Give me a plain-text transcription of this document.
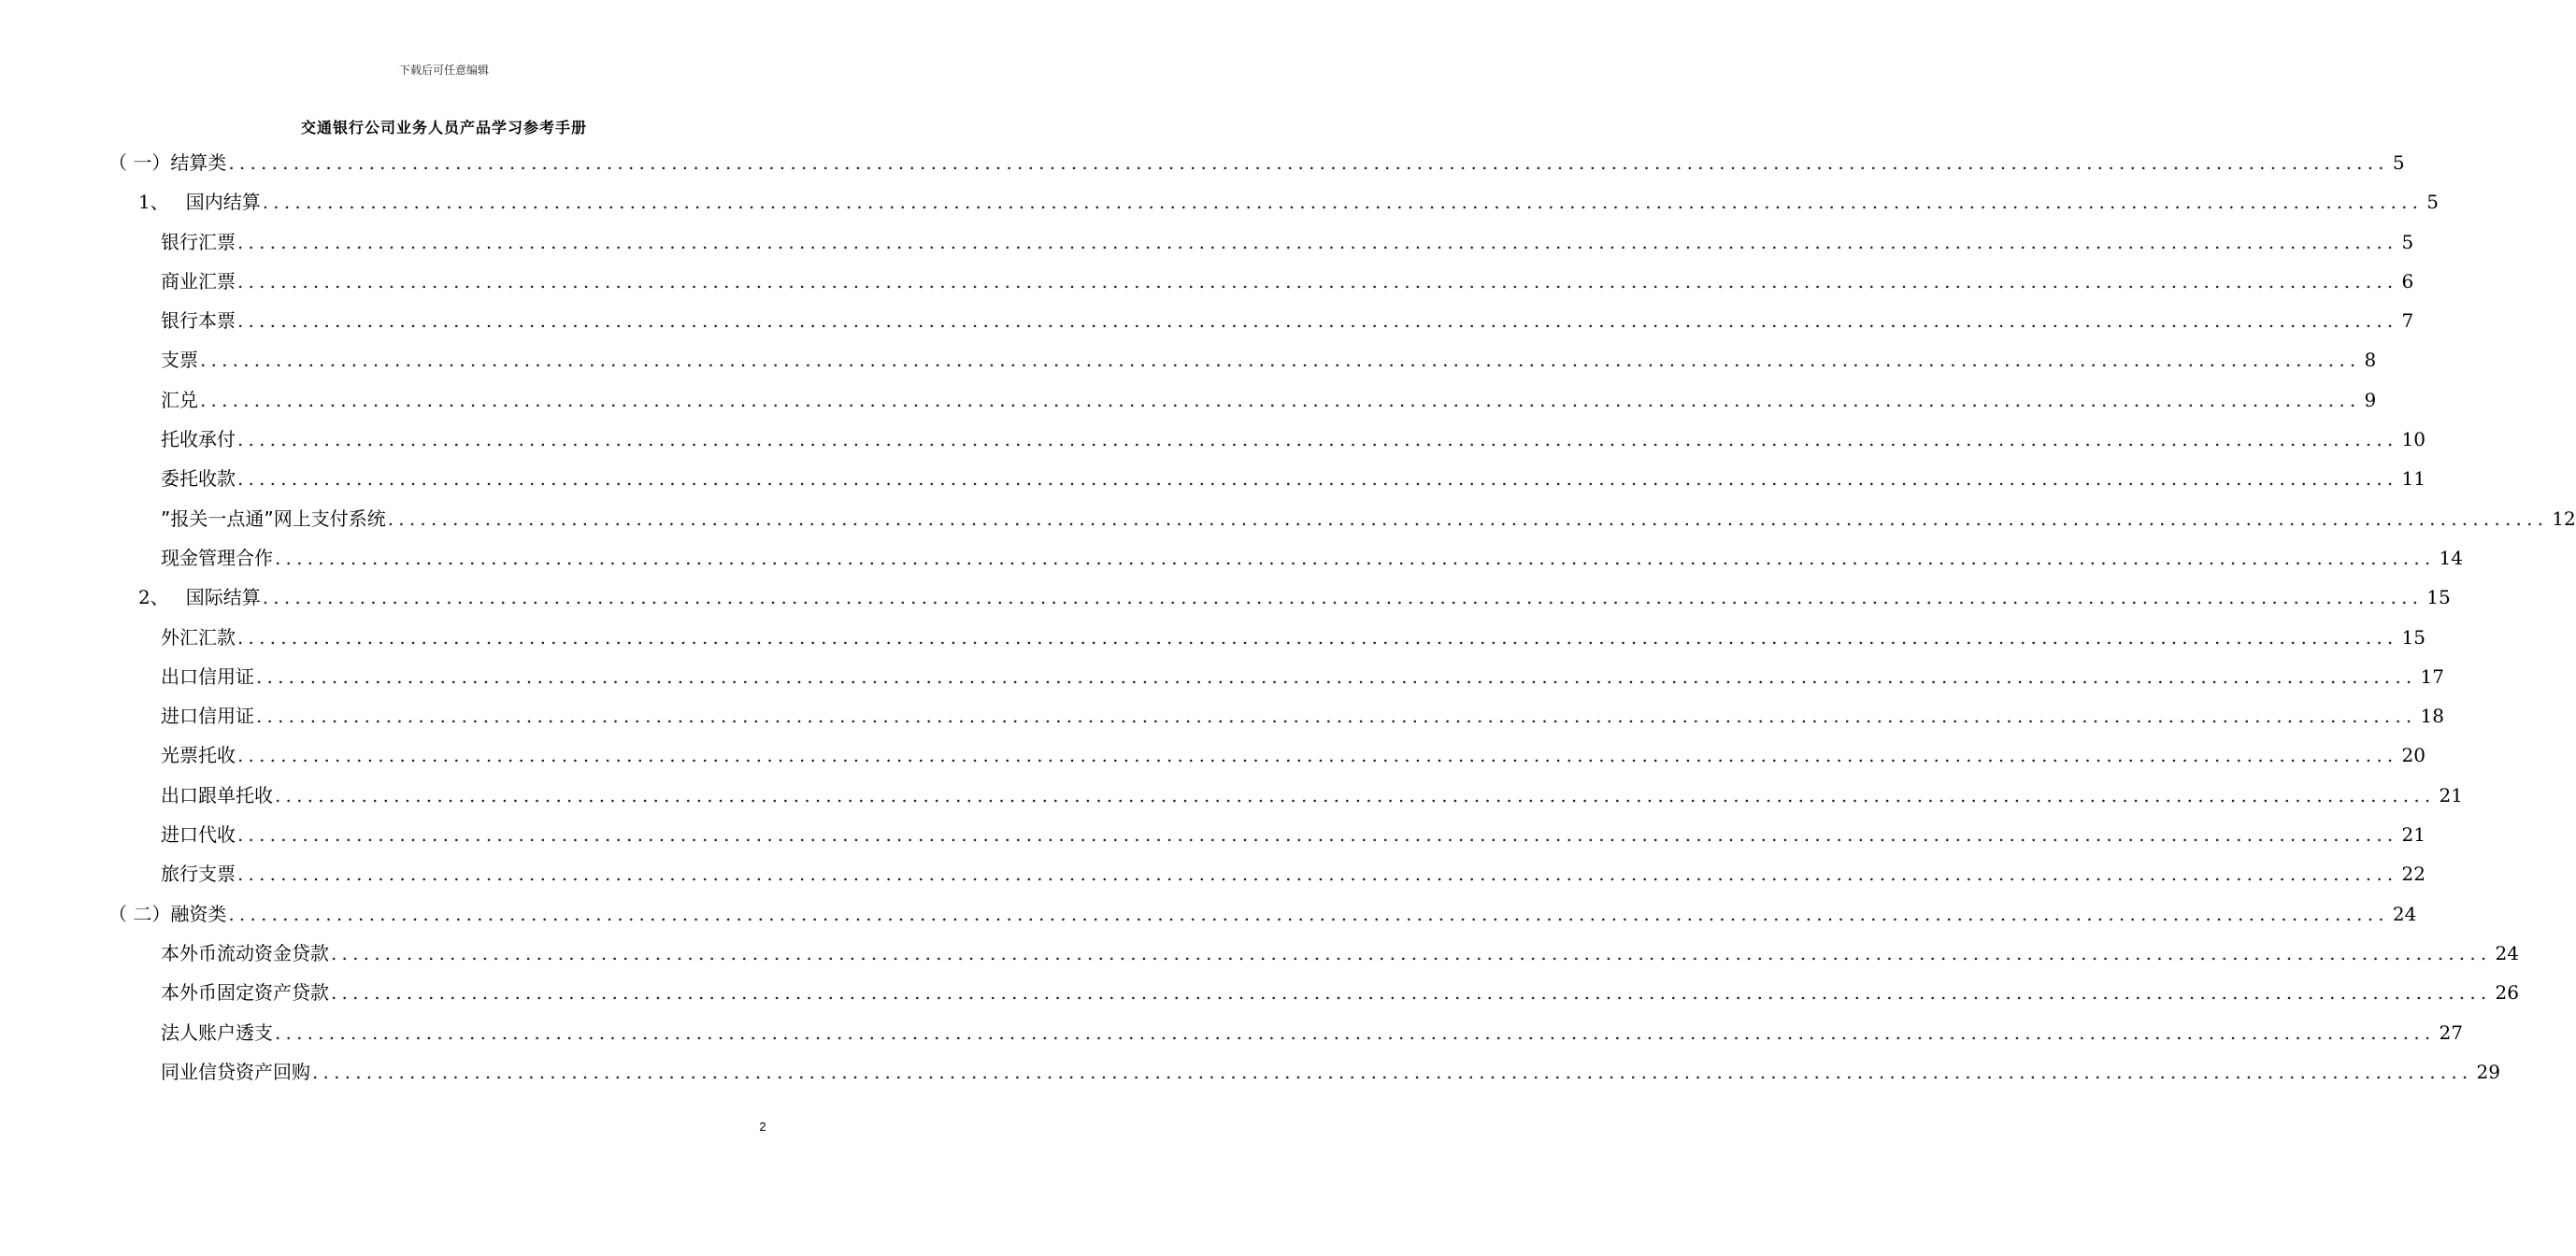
下载后可任意编辑
交通银行公司业务人员产品学习参考手册
（ 一）结算类 ........................................................................................................................................................................................................ 5
1、 国内结算 ........................................................................................................................................................................................................ 5
银行汇票 ........................................................................................................................................................................................................ 5
商业汇票 ........................................................................................................................................................................................................ 6
银行本票 ........................................................................................................................................................................................................ 7
支票 ........................................................................................................................................................................................................ 8
汇兑 ........................................................................................................................................................................................................ 9
托收承付 ........................................................................................................................................................................................................ 10
委托收款 ........................................................................................................................................................................................................ 11
”报关一点通”网上支付系统 ........................................................................................................................................................................................................ 12
现金管理合作 ........................................................................................................................................................................................................ 14
2、 国际结算 ........................................................................................................................................................................................................ 15
外汇汇款 ........................................................................................................................................................................................................ 15
出口信用证 ........................................................................................................................................................................................................ 17
进口信用证 ........................................................................................................................................................................................................ 18
光票托收 ........................................................................................................................................................................................................ 20
出口跟单托收 ........................................................................................................................................................................................................ 21
进口代收 ........................................................................................................................................................................................................ 21
旅行支票 ........................................................................................................................................................................................................ 22
（ 二）融资类 ........................................................................................................................................................................................................ 24
本外币流动资金贷款 ........................................................................................................................................................................................................ 24
本外币固定资产贷款 ........................................................................................................................................................................................................ 26
法人账户透支 ........................................................................................................................................................................................................ 27
同业信贷资产回购 ........................................................................................................................................................................................................ 29
2
